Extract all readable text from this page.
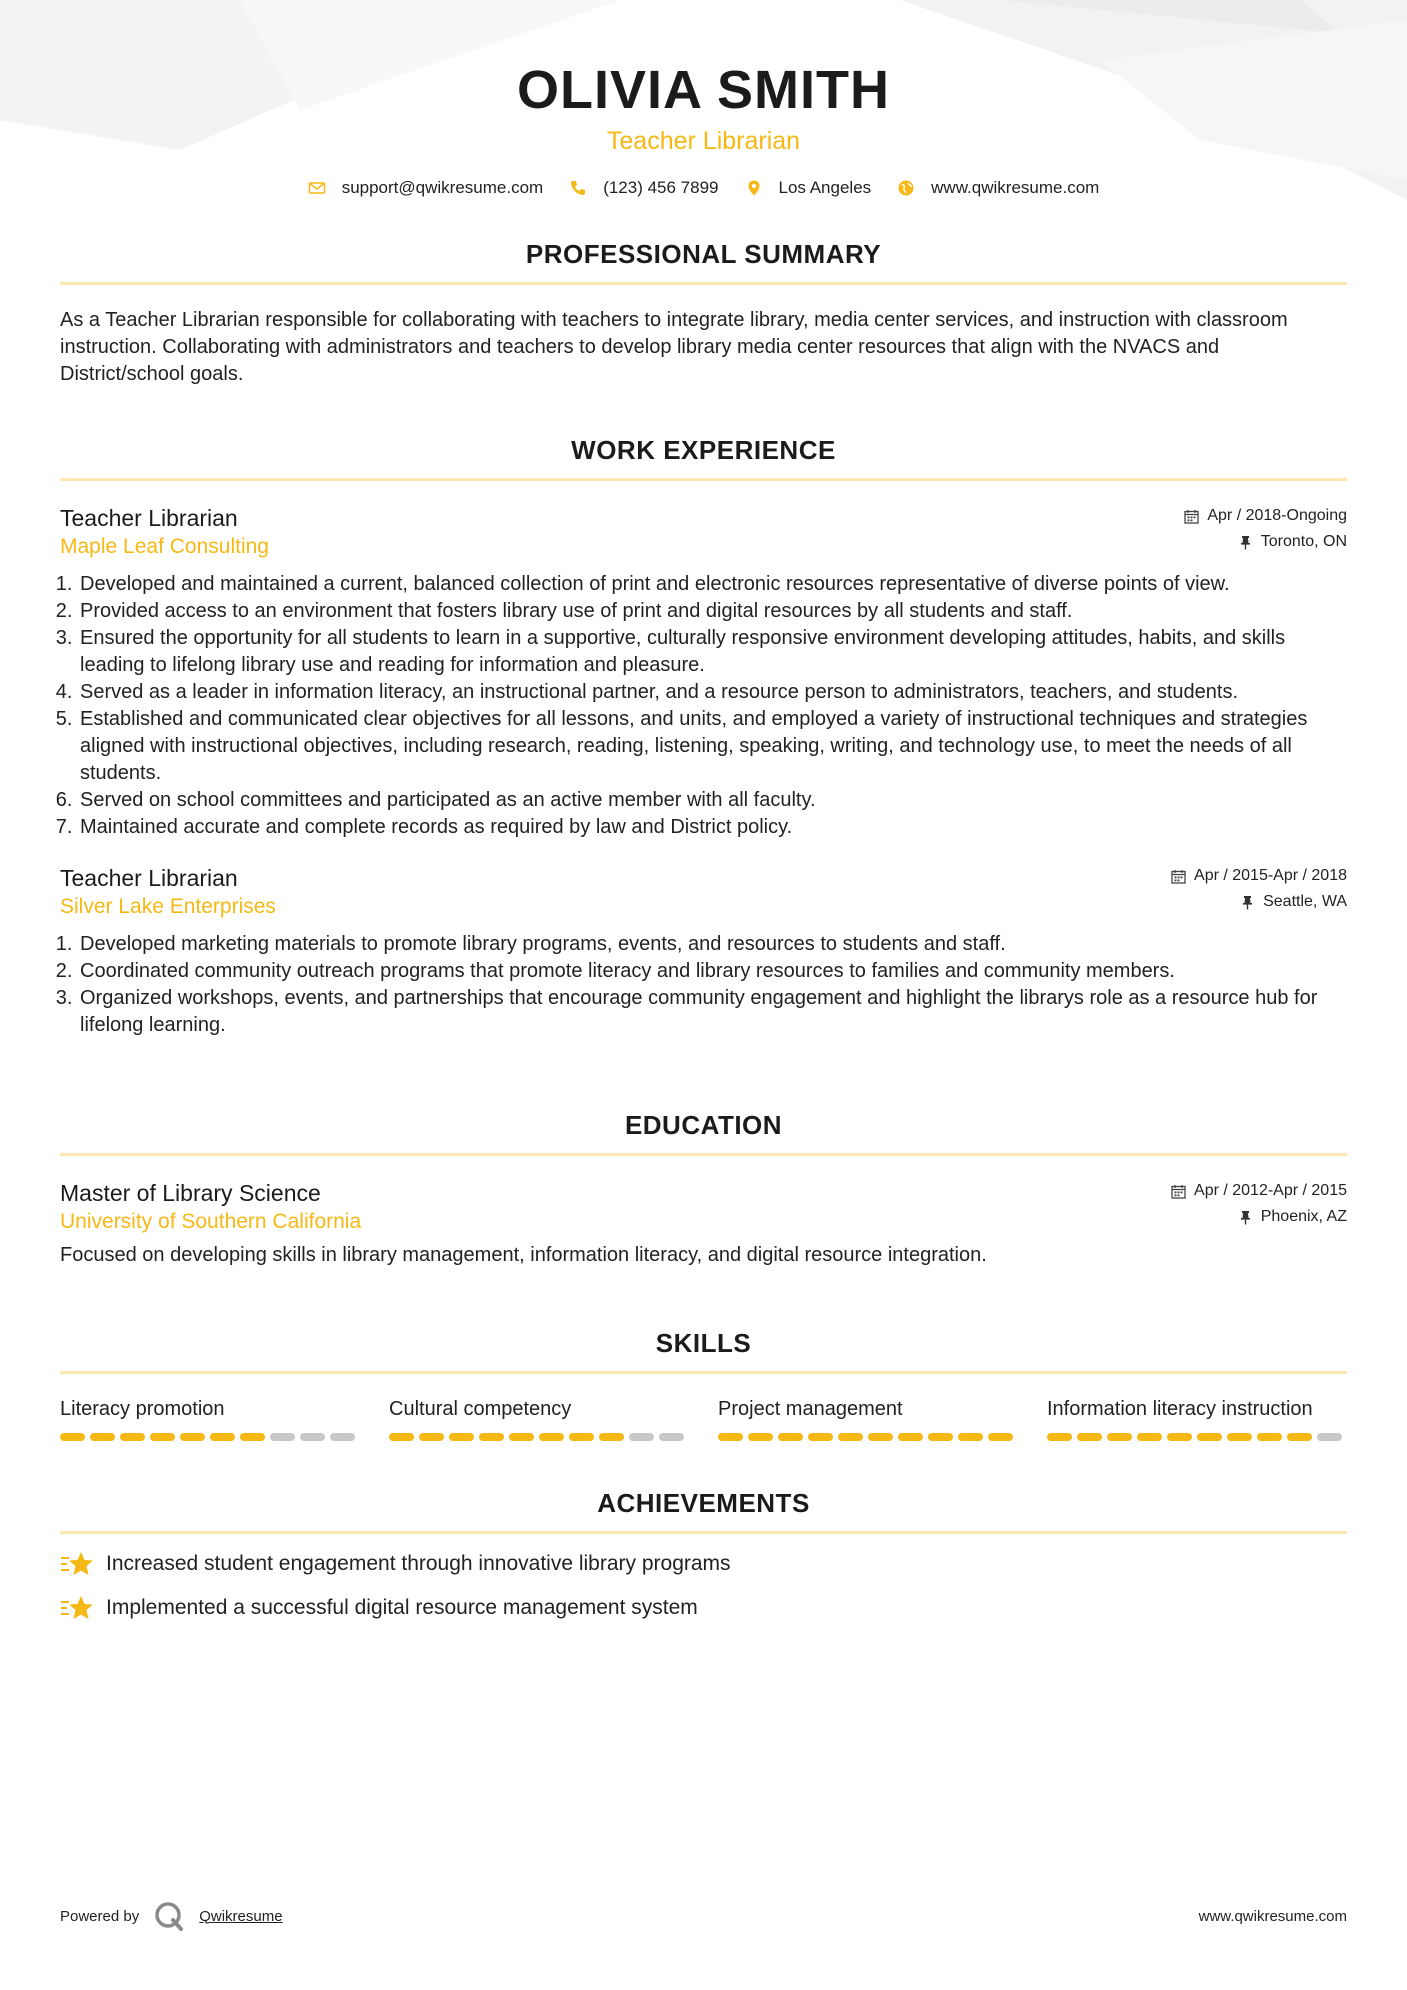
OLIVIA SMITH
Teacher Librarian
support@qwikresume.com	(123) 456 7899	Los Angeles	www.qwikresume.com
PROFESSIONAL SUMMARY
As a Teacher Librarian responsible for collaborating with teachers to integrate library, media center services, and instruction with classroom instruction. Collaborating with administrators and teachers to develop library media center resources that align with the NVACS and District/school goals.
WORK EXPERIENCE
Teacher Librarian
Maple Leaf Consulting
Apr / 2018-Ongoing
Toronto, ON
1. Developed and maintained a current, balanced collection of print and electronic resources representative of diverse points of view.
2. Provided access to an environment that fosters library use of print and digital resources by all students and staff.
3. Ensured the opportunity for all students to learn in a supportive, culturally responsive environment developing attitudes, habits, and skills leading to lifelong library use and reading for information and pleasure.
4. Served as a leader in information literacy, an instructional partner, and a resource person to administrators, teachers, and students.
5. Established and communicated clear objectives for all lessons, and units, and employed a variety of instructional techniques and strategies aligned with instructional objectives, including research, reading, listening, speaking, writing, and technology use, to meet the needs of all students.
6. Served on school committees and participated as an active member with all faculty.
7. Maintained accurate and complete records as required by law and District policy.
Teacher Librarian
Silver Lake Enterprises
Apr / 2015-Apr / 2018
Seattle, WA
1. Developed marketing materials to promote library programs, events, and resources to students and staff.
2. Coordinated community outreach programs that promote literacy and library resources to families and community members.
3. Organized workshops, events, and partnerships that encourage community engagement and highlight the librarys role as a resource hub for lifelong learning.
EDUCATION
Master of Library Science
University of Southern California
Apr / 2012-Apr / 2015
Phoenix, AZ
Focused on developing skills in library management, information literacy, and digital resource integration.
SKILLS
Literacy promotion	Cultural competency	Project management	Information literacy instruction
ACHIEVEMENTS
Increased student engagement through innovative library programs
Implemented a successful digital resource management system
Powered by	Qwikresume	www.qwikresume.com
